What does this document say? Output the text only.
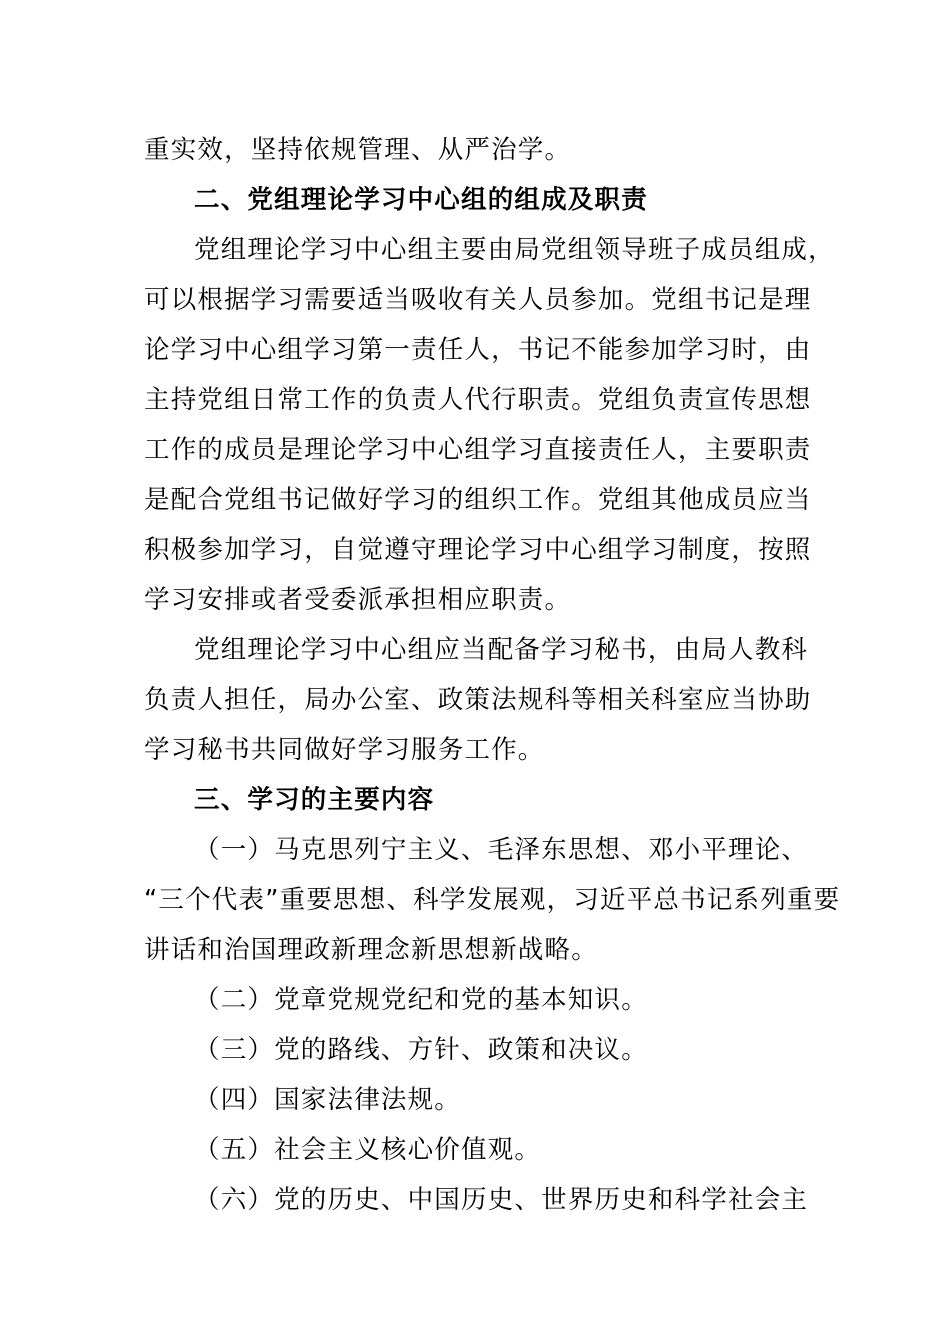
重实效，坚持依规管理、从严治学。
二、党组理论学习中心组的组成及职责
党组理论学习中心组主要由局党组领导班子成员组成，
可以根据学习需要适当吸收有关人员参加。党组书记是理
论学习中心组学习第一责任人，书记不能参加学习时，由
主持党组日常工作的负责人代行职责。党组负责宣传思想
工作的成员是理论学习中心组学习直接责任人，主要职责
是配合党组书记做好学习的组织工作。党组其他成员应当
积极参加学习，自觉遵守理论学习中心组学习制度，按照
学习安排或者受委派承担相应职责。
党组理论学习中心组应当配备学习秘书，由局人教科
负责人担任，局办公室、政策法规科等相关科室应当协助
学习秘书共同做好学习服务工作。
三、学习的主要内容
（一）马克思列宁主义、毛泽东思想、邓小平理论、
“三个代表”重要思想、科学发展观，习近平总书记系列重要
讲话和治国理政新理念新思想新战略。
（二）党章党规党纪和党的基本知识。
（三）党的路线、方针、政策和决议。
（四）国家法律法规。
（五）社会主义核心价值观。
（六）党的历史、中国历史、世界历史和科学社会主
